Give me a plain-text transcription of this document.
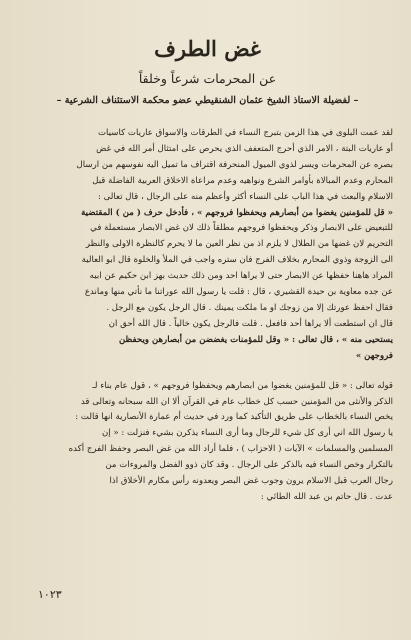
غض الطرف
عن المحرمات شرعاً وخلقاً
– لفضيلة الاستاذ الشيخ عثمان الشنقيطي عضو محكمة الاستئناف الشرعية –
لقد عمت البلوى في هذا الزمن بتبرج النساء في الطرقات والاسواق عاريات كاسيات
أو عاريات البتة ، الامر الذي أحرج المتعفف الذي يحرص على امتثال أمر الله في غض
بصره عن المحرمات ويسر لذوي الميول المنحرفة اقتراف ما تميل اليه نفوسهم من ارسال
المحارم وعدم المبالاة بأوامر الشرع ونواهيه وعدم مراعاة الاخلاق العربية الفاضلة قبل
الاسلام والبعث في هذا الباب على النساء أكثر وأعظم منه على الرجال ، قال تعالى :
« قل للمؤمنين يغضوا من أبصارهم ويحفظوا فروجهم » ، فأدخل حرف ( من ) المقتضية
للتبعيض على الابصار وذكر ويحفظوا فروجهم مطلقاً ذلك لان غض الابصار مستعملة في
التحريم لان غضها من الطلال لا يلزم اذ من نظر العين ما لا يحرم كالنظرة الاولى والنظر
الى الزوجة وذوي المحارم بخلاف الفرج فان ستره واجب في الملأ والخلوة قال ابو العالية
المراد هاهنا حفظها عن الابصار حتى لا يراها احد ومن ذلك حديث بهز ابن حكيم عن ابيه
عن جده معاوية بن حيدة القشيري ، قال : قلت يا رسول الله عوراتنا ما نأتي منها وماندع
فقال احفظ عورتك إلا من زوجك او ما ملكت يمينك . قال الرجل يكون مع الرجل .
قال ان استطعت ألا يراها أحد فافعل . قلت فالرجل يكون خالياً . قال الله أحق ان
يستحيى منه » ، قال تعالى : « وقل للمؤمنات يغضضن من أبصارهن ويحفظن
فروجهن »
قوله تعالى : « قل للمؤمنين يغضوا من ابصارهم ويحفظوا فروجهم » ، قول عام بناء لـ
الذكر والأنثى من المؤمنين حسب كل خطاب عام في القرآن ألا ان الله سبحانه وتعالى قد
يخص النساء بالخطاب على طريق التأكيد كما ورد في حديث أم عمارة الأنصارية انها قالت :
يا رسول الله اني أرى كل شيء للرجال وما أرى النساء يذكرن بشيء فنزلت : « إن
المسلمين والمسلمات » الآيات ( الاحزاب ) ، فلما أراد الله من غض البصر وحفظ الفرج أكده
بالتكرار وخص النساء فيه بالذكر على الرجال . وقد كان ذوو الفضل والمروءات من
رجال العرب قبل الاسلام يرون وجوب غض البصر ويعدونه رأس مكارم الأخلاق اذا
عدت . قال حاتم بن عبد الله الطائي :
١٠٢٣
